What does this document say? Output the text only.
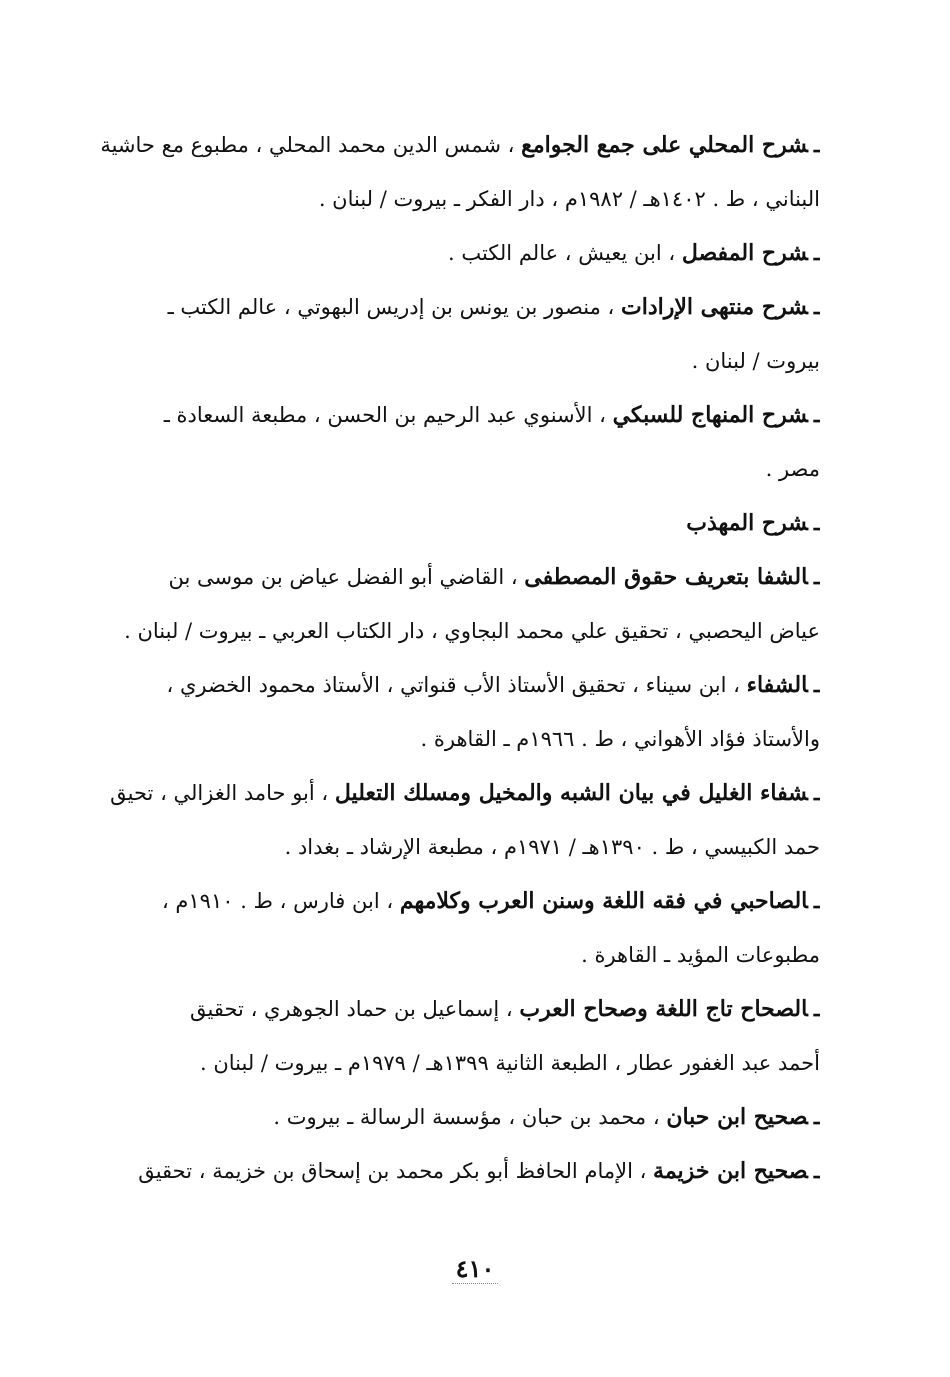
ـشرح المحلي على جمع الجوامع ، شمس الدين محمد المحلي ، مطبوع مع حاشية
البناني ، ط . ١٤٠٢هـ / ١٩٨٢م ، دار الفكر ـ بيروت / لبنان .
ـشرح المفصل ، ابن يعيش ، عالم الكتب .
ـشرح منتهى الإرادات ، منصور بن يونس بن إدريس البهوتي ، عالم الكتب ـ
بيروت / لبنان .
ـشرح المنهاج للسبكي ، الأسنوي عبد الرحيم بن الحسن ، مطبعة السعادة ـ
مصر .
ـشرح المهذب
ـالشفا بتعريف حقوق المصطفى ، القاضي أبو الفضل عياض بن موسى بن
عياض اليحصبي ، تحقيق علي محمد البجاوي ، دار الكتاب العربي ـ بيروت / لبنان .
ـالشفاء ، ابن سيناء ، تحقيق الأستاذ الأب قنواتي ، الأستاذ محمود الخضري ،
والأستاذ فؤاد الأهواني ، ط . ١٩٦٦م ـ القاهرة .
ـشفاء الغليل في بيان الشبه والمخيل ومسلك التعليل ، أبو حامد الغزالي ، تحيق
حمد الكبيسي ، ط . ١٣٩٠هـ / ١٩٧١م ، مطبعة الإرشاد ـ بغداد .
ـالصاحبي في فقه اللغة وسنن العرب وكلامهم ، ابن فارس ، ط . ١٩١٠م ،
مطبوعات المؤيد ـ القاهرة .
ـالصحاح تاج اللغة وصحاح العرب ، إسماعيل بن حماد الجوهري ، تحقيق
أحمد عبد الغفور عطار ، الطبعة الثانية ١٣٩٩هـ / ١٩٧٩م ـ بيروت / لبنان .
ـصحيح ابن حبان ، محمد بن حبان ، مؤسسة الرسالة ـ بيروت .
ـصحيح ابن خزيمة ، الإمام الحافظ أبو بكر محمد بن إسحاق بن خزيمة ، تحقيق
٤١٠
